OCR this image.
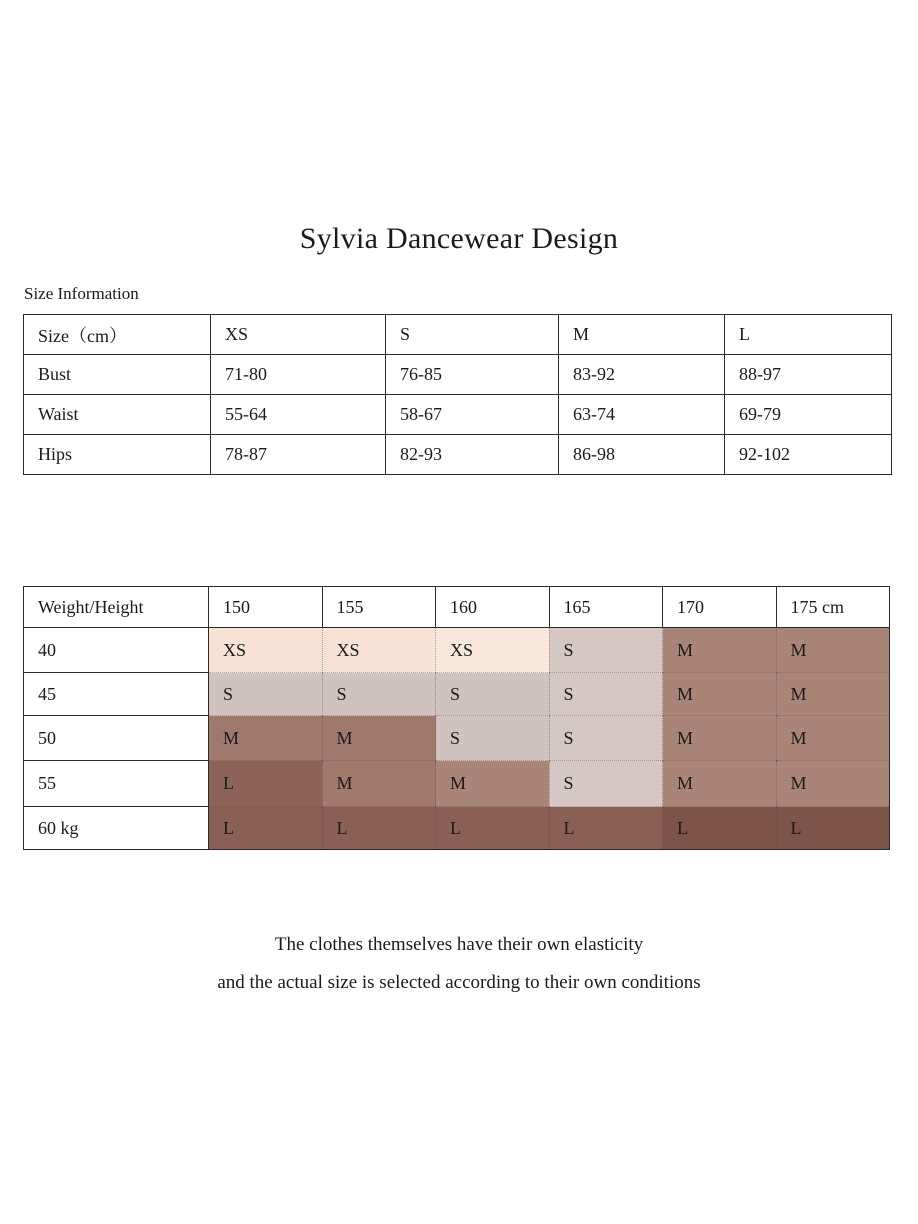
Sylvia Dancewear Design
Size Information
Size（cm）	XS	S	M	L
Bust	71-80	76-85	83-92	88-97
Waist	55-64	58-67	63-74	69-79
Hips	78-87	82-93	86-98	92-102
Weight/Height	150	155	160	165	170	175 cm
40	XS	XS	XS	S	M	M
45	S	S	S	S	M	M
50	M	M	S	S	M	M
55	L	M	M	S	M	M
60 kg	L	L	L	L	L	L
The clothes themselves have their own elasticity
and the actual size is selected according to their own conditions
